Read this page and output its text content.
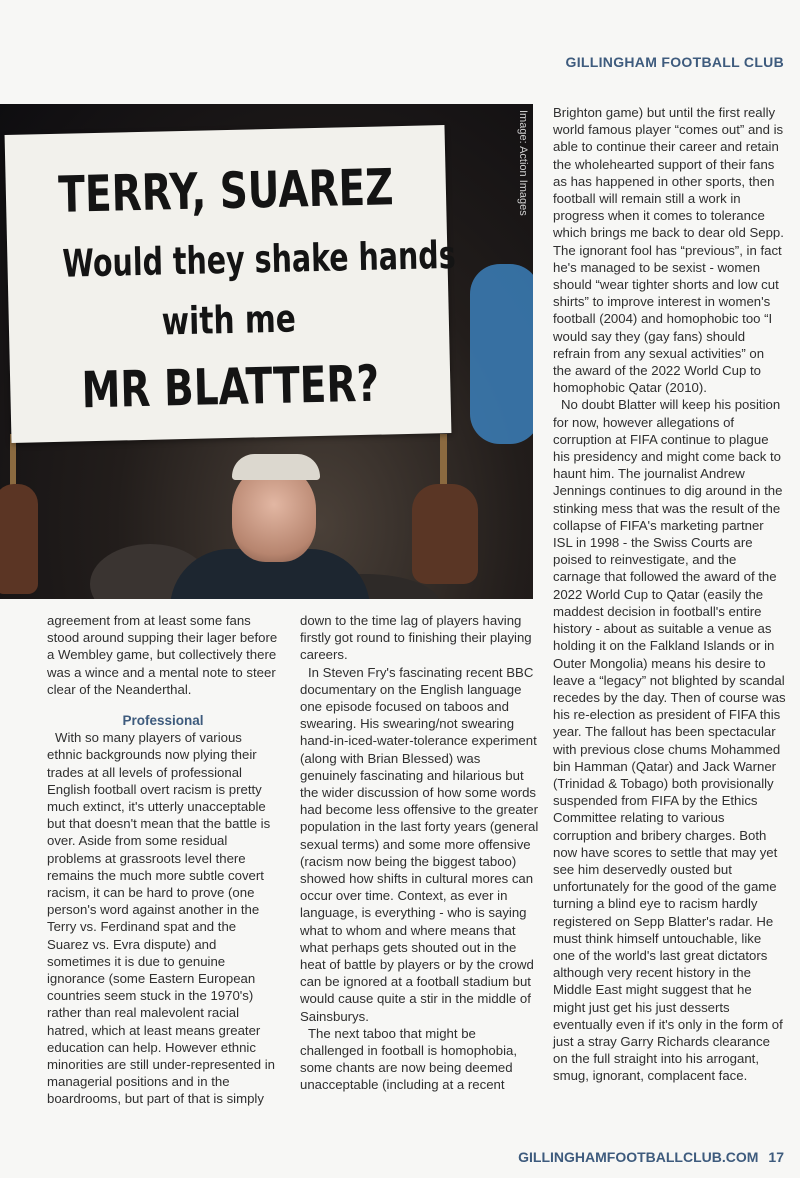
GILLINGHAM FOOTBALL CLUB
TERRY, SUAREZ
Would they shake hands
with me
MR BLATTER?
Image: Action Images

agreement from at least some fans stood around supping their lager before a Wembley game, but collectively there was a wince and a mental note to steer clear of the Neanderthal.

Professional

With so many players of various ethnic backgrounds now plying their trades at all levels of professional English football overt racism is pretty much extinct, it's utterly unacceptable but that doesn't mean that the battle is over. Aside from some residual problems at grassroots level there remains the much more subtle covert racism, it can be hard to prove (one person's word against another in the Terry vs. Ferdinand spat and the Suarez vs. Evra dispute) and sometimes it is due to genuine ignorance (some Eastern European countries seem stuck in the 1970's) rather than real malevolent racial hatred, which at least means greater education can help. However ethnic minorities are still under-represented in managerial positions and in the boardrooms, but part of that is simply

down to the time lag of players having firstly got round to finishing their playing careers.

In Steven Fry's fascinating recent BBC documentary on the English language one episode focused on taboos and swearing. His swearing/not swearing hand-in-iced-water-tolerance experiment (along with Brian Blessed) was genuinely fascinating and hilarious but the wider discussion of how some words had become less offensive to the greater population in the last forty years (general sexual terms) and some more offensive (racism now being the biggest taboo) showed how shifts in cultural mores can occur over time. Context, as ever in language, is everything - who is saying what to whom and where means that what perhaps gets shouted out in the heat of battle by players or by the crowd can be ignored at a football stadium but would cause quite a stir in the middle of Sainsburys.

The next taboo that might be challenged in football is homophobia, some chants are now being deemed unacceptable (including at a recent

Brighton game) but until the first really world famous player “comes out” and is able to continue their career and retain the wholehearted support of their fans as has happened in other sports, then football will remain still a work in progress when it comes to tolerance which brings me back to dear old Sepp. The ignorant fool has “previous”, in fact he's managed to be sexist - women should “wear tighter shorts and low cut shirts” to improve interest in women's football (2004) and homophobic too “I would say they (gay fans) should refrain from any sexual activities” on the award of the 2022 World Cup to homophobic Qatar (2010).

No doubt Blatter will keep his position for now, however allegations of corruption at FIFA continue to plague his presidency and might come back to haunt him. The journalist Andrew Jennings continues to dig around in the stinking mess that was the result of the collapse of FIFA's marketing partner ISL in 1998 - the Swiss Courts are poised to reinvestigate, and the carnage that followed the award of the 2022 World Cup to Qatar (easily the maddest decision in football's entire history - about as suitable a venue as holding it on the Falkland Islands or in Outer Mongolia) means his desire to leave a “legacy” not blighted by scandal recedes by the day. Then of course was his re-election as president of FIFA this year. The fallout has been spectacular with previous close chums Mohammed bin Hamman (Qatar) and Jack Warner (Trinidad & Tobago) both provisionally suspended from FIFA by the Ethics Committee relating to various corruption and bribery charges. Both now have scores to settle that may yet see him deservedly ousted but unfortunately for the good of the game turning a blind eye to racism hardly registered on Sepp Blatter's radar. He must think himself untouchable, like one of the world's last great dictators although very recent history in the Middle East might suggest that he might just get his just desserts eventually even if it's only in the form of just a stray Garry Richards clearance on the full straight into his arrogant, smug, ignorant, complacent face.

GILLINGHAMFOOTBALLCLUB.COM 17
